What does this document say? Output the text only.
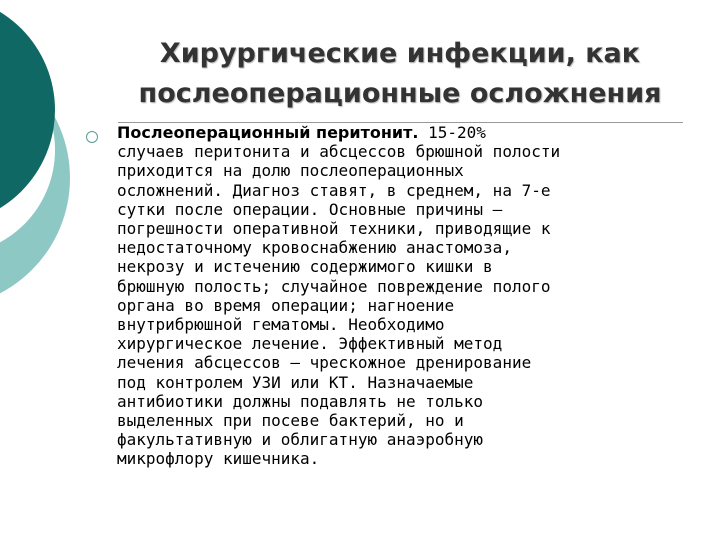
Хирургические инфекции, как
послеоперационные осложнения
Послеоперационный перитонит. 15-20%
случаев перитонита и абсцессов брюшной полости
приходится на долю послеоперационных
осложнений. Диагноз ставят, в среднем, на 7-е
сутки после операции. Основные причины –
погрешности оперативной техники, приводящие к
недостаточному кровоснабжению анастомоза,
некрозу и истечению содержимого кишки в
брюшную полость; случайное повреждение полого
органа во время операции; нагноение
внутрибрюшной гематомы. Необходимо
хирургическое лечение. Эффективный метод
лечения абсцессов – чрескожное дренирование
под контролем УЗИ или КТ. Назначаемые
антибиотики должны подавлять не только
выделенных при посеве бактерий, но и
факультативную и облигатную анаэробную
микрофлору кишечника.
